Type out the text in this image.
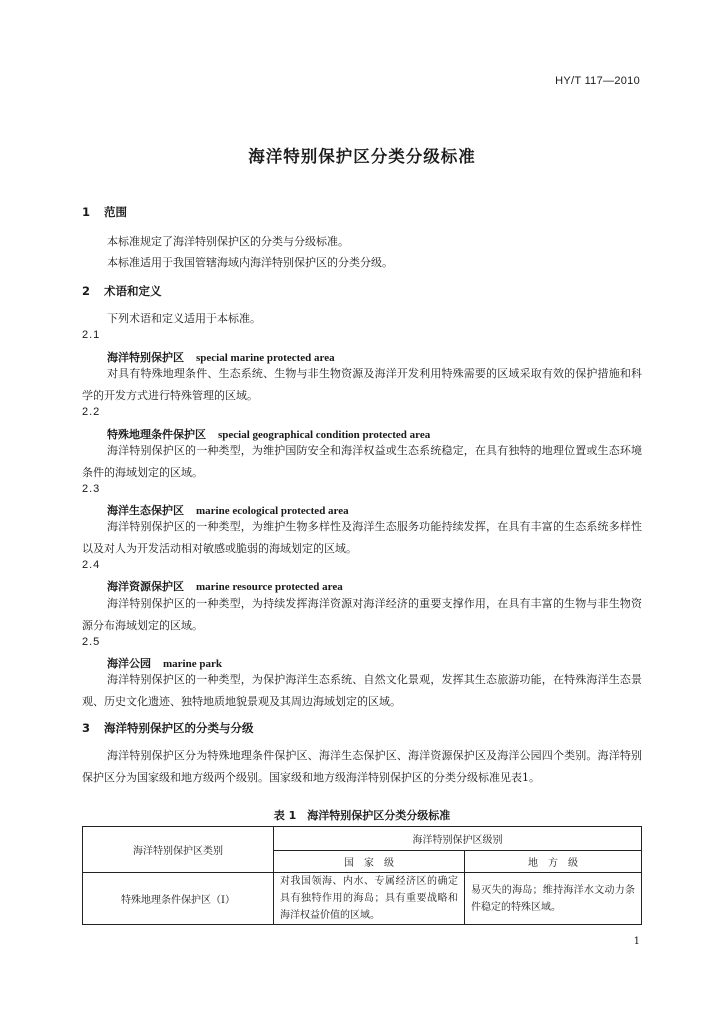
HY/T 117—2010
海洋特别保护区分类分级标准
1 范围
本标准规定了海洋特别保护区的分类与分级标准。
本标准适用于我国管辖海域内海洋特别保护区的分类分级。
2 术语和定义
下列术语和定义适用于本标准。
2.1
海洋特别保护区 special marine protected area
对具有特殊地理条件、生态系统、生物与非生物资源及海洋开发利用特殊需要的区域采取有效的保护措施和科学的开发方式进行特殊管理的区域。
2.2
特殊地理条件保护区 special geographical condition protected area
海洋特别保护区的一种类型，为维护国防安全和海洋权益或生态系统稳定，在具有独特的地理位置或生态环境条件的海域划定的区域。
2.3
海洋生态保护区 marine ecological protected area
海洋特别保护区的一种类型，为维护生物多样性及海洋生态服务功能持续发挥，在具有丰富的生态系统多样性以及对人为开发活动相对敏感或脆弱的海域划定的区域。
2.4
海洋资源保护区 marine resource protected area
海洋特别保护区的一种类型，为持续发挥海洋资源对海洋经济的重要支撑作用，在具有丰富的生物与非生物资源分布海域划定的区域。
2.5
海洋公园 marine park
海洋特别保护区的一种类型，为保护海洋生态系统、自然文化景观，发挥其生态旅游功能，在特殊海洋生态景观、历史文化遗迹、独特地质地貌景观及其周边海域划定的区域。
3 海洋特别保护区的分类与分级
海洋特别保护区分为特殊地理条件保护区、海洋生态保护区、海洋资源保护区及海洋公园四个类别。海洋特别保护区分为国家级和地方级两个级别。国家级和地方级海洋特别保护区的分类分级标准见表1。
表 1　海洋特别保护区分类分级标准
海洋特别保护区类别	海洋特别保护区级别	
	国　家　级	地　方　级
特殊地理条件保护区（Ⅰ）	对我国领海、内水、专属经济区的确定具有独特作用的海岛；具有重要战略和海洋权益价值的区域。	易灭失的海岛；维持海洋水文动力条件稳定的特殊区域。
1
